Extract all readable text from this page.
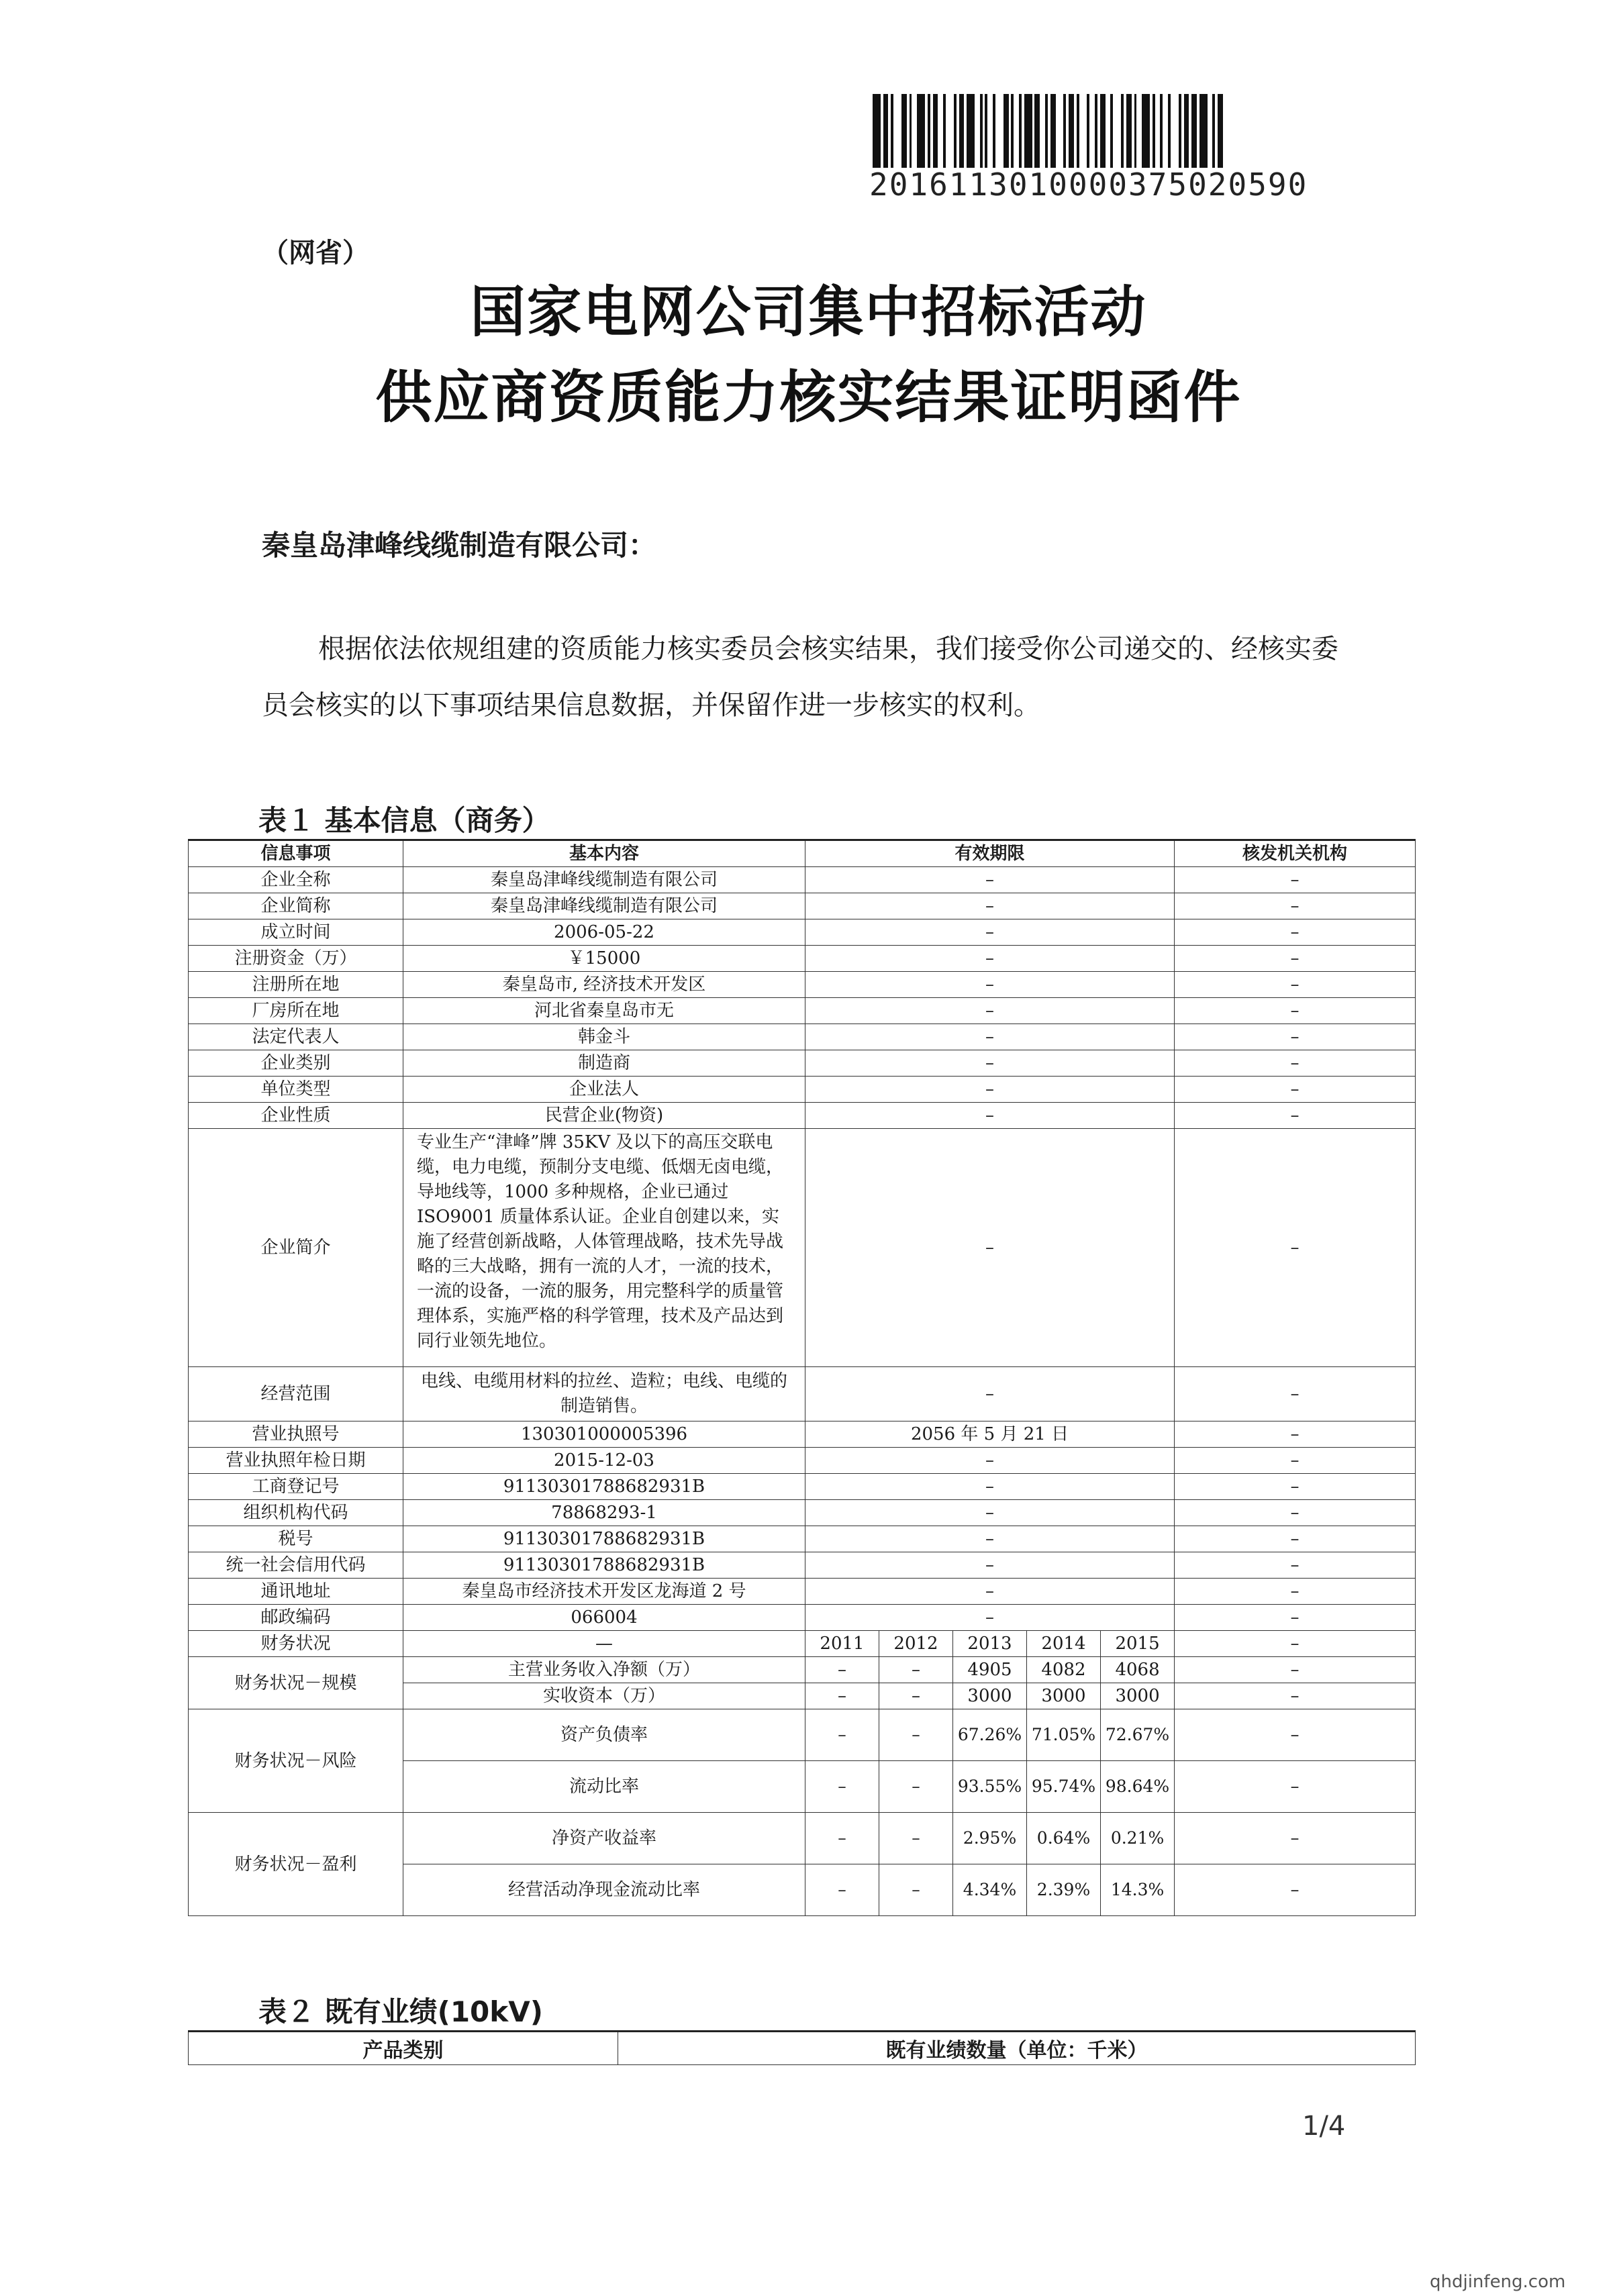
2016113010000375020590
（网省）
国家电网公司集中招标活动
供应商资质能力核实结果证明函件
秦皇岛津峰线缆制造有限公司：
根据依法依规组建的资质能力核实委员会核实结果，我们接受你公司递交的、经核实委员会核实的以下事项结果信息数据，并保留作进一步核实的权利。
表１ 基本信息（商务）
信息事项	基本内容	有效期限					核发机关机构
企业全称	秦皇岛津峰线缆制造有限公司	–					–
企业简称	秦皇岛津峰线缆制造有限公司	–					–
成立时间	2006-05-22	–					–
注册资金（万）	￥15000	–					–
注册所在地	秦皇岛市, 经济技术开发区	–					–
厂房所在地	河北省秦皇岛市无	–					–
法定代表人	韩金斗	–					–
企业类别	制造商	–					–
单位类型	企业法人	–					–
企业性质	民营企业(物资)	–					–
企业简介	专业生产“津峰”牌 35KV 及以下的高压交联电缆，电力电缆，预制分支电缆、低烟无卤电缆，导地线等，1000 多种规格，企业已通过 ISO9001 质量体系认证。企业自创建以来，实施了经营创新战略，人体管理战略，技术先导战略的三大战略，拥有一流的人才，一流的技术，一流的设备，一流的服务，用完整科学的质量管理体系，实施严格的科学管理，技术及产品达到同行业领先地位。	–					–
经营范围	电线、电缆用材料的拉丝、造粒；电线、电缆的制造销售。	–					–
营业执照号	130301000005396	2056 年 5 月 21 日					–
营业执照年检日期	2015-12-03	–					–
工商登记号	91130301788682931B	–					–
组织机构代码	78868293-1	–					–
税号	91130301788682931B	–					–
统一社会信用代码	91130301788682931B	–					–
通讯地址	秦皇岛市经济技术开发区龙海道 2 号	–					–
邮政编码	066004	–					–
财务状况	—	2011	2012	2013	2014	2015	–
财务状况－规模	主营业务收入净额（万）	–	–	4905	4082	4068	–
	实收资本（万）	–	–	3000	3000	3000	–
财务状况－风险	资产负债率	–	–	67.26%	71.05%	72.67%	–
	流动比率	–	–	93.55%	95.74%	98.64%	–
财务状况－盈利	净资产收益率	–	–	2.95%	0.64%	0.21%	–
	经营活动净现金流动比率	–	–	4.34%	2.39%	14.3%	–
表２ 既有业绩(10kV)
产品类别	既有业绩数量（单位：千米）
1/4
qhdjinfeng.com
